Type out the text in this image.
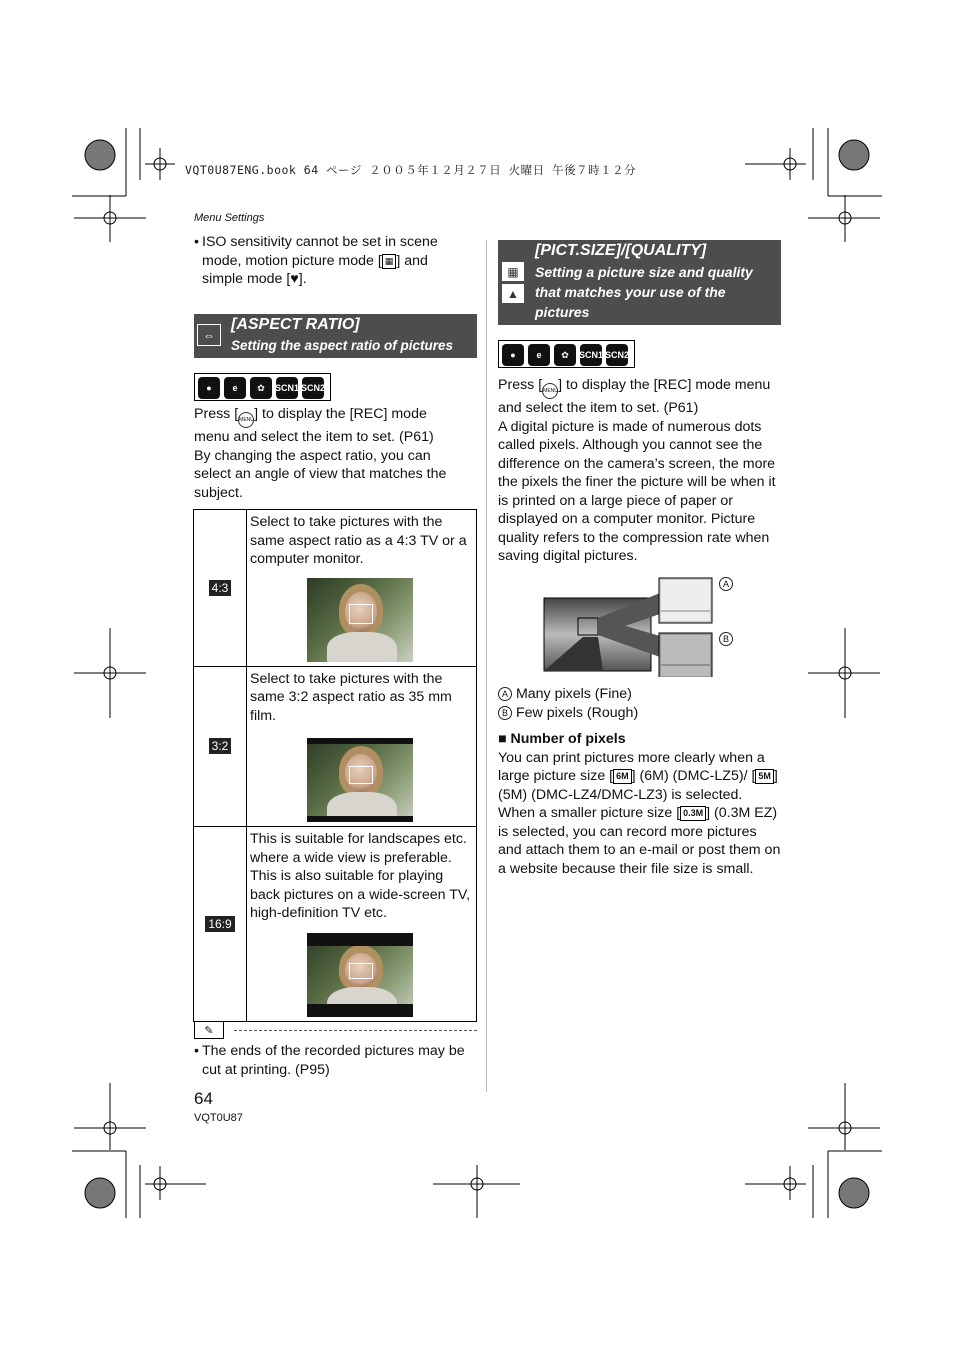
VQT0U87ENG.book 64 ページ ２００５年１２月２７日 火曜日 午後７時１２分
Menu Settings
• ISO sensitivity cannot be set in scene mode, motion picture mode [ ▦ ] and simple mode [♥].
⇔
[ASPECT RATIO]
Setting the aspect ratio of pictures
●	e	✿	SCN1 SCN2
Press [MENU] to display the [REC] mode menu and select the item to set. (P61)
By changing the aspect ratio, you can select an angle of view that matches the subject.
4:3	Select to take pictures with the same aspect ratio as a 4:3 TV or a computer monitor.

3:2	Select to take pictures with the same 3:2 aspect ratio as 35 mm film.

16:9	This is suitable for landscapes etc. where a wide view is preferable. This is also suitable for playing back pictures on a wide-screen TV, high-definition TV etc.
✎
• The ends of the recorded pictures may be cut at printing. (P95)
▦
▲
[PICT.SIZE]/[QUALITY]
Setting a picture size and quality that matches your use of the pictures
●	e	✿	SCN1 SCN2
Press [MENU] to display the [REC] mode menu and select the item to set. (P61)
A digital picture is made of numerous dots called pixels. Although you cannot see the difference on the camera’s screen, the more the pixels the finer the picture will be when it is printed on a large piece of paper or displayed on a computer monitor. Picture quality refers to the compression rate when saving digital pictures.
A
B
A Many pixels (Fine)
B Few pixels (Rough)
■ Number of pixels
You can print pictures more clearly when a large picture size [ 6M ] (6M) (DMC-LZ5)/ [ 5M ] (5M) (DMC-LZ4/DMC-LZ3) is selected.
When a smaller picture size [ 0.3M ] (0.3M EZ) is selected, you can record more pictures and attach them to an e-mail or post them on a website because their file size is small.
64
VQT0U87
